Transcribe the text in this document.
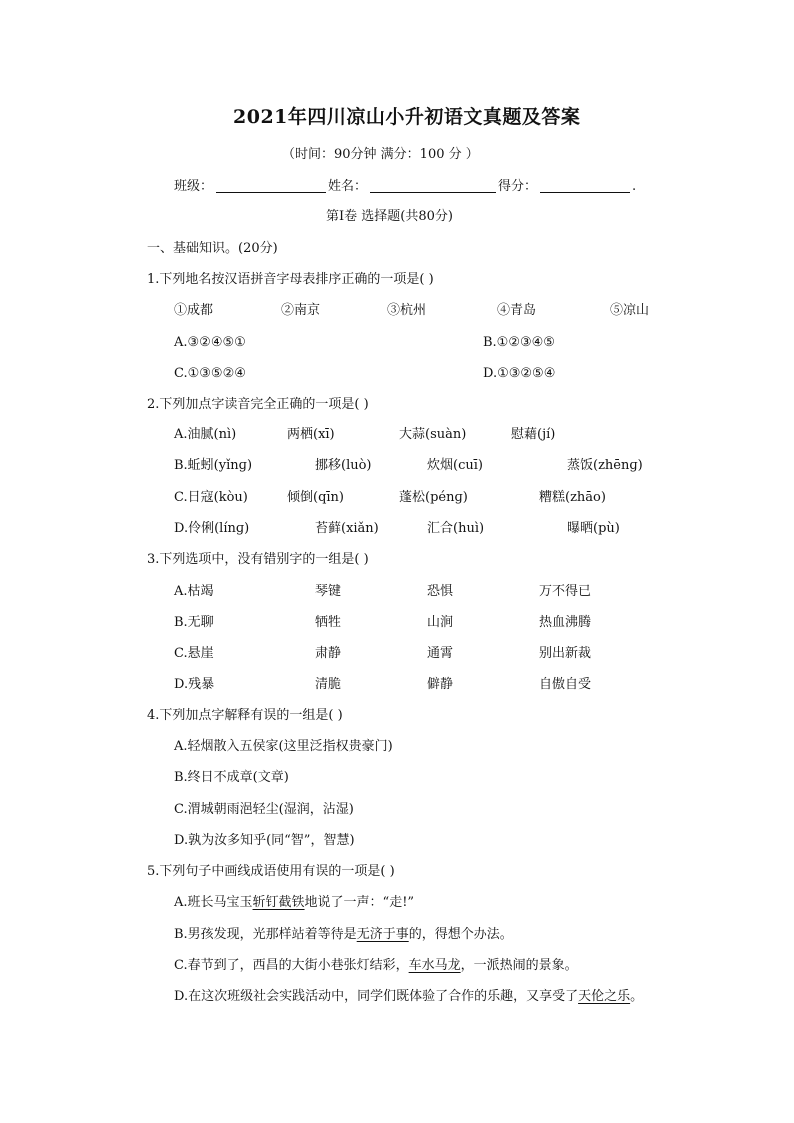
2021年四川凉山小升初语文真题及答案
（时间：90分钟 满分：100 分 ）
班级：	姓名：	得分：	.
第Ⅰ卷 选择题(共80分)
一、基础知识。(20分)
1.下列地名按汉语拼音字母表排序正确的一项是( )
①成都	②南京	③杭州	④青岛	⑤凉山
A.③②④⑤①	B.①②③④⑤
C.①③⑤②④	D.①③②⑤④
2.下列加点字读音完全正确的一项是( )
A.油腻(nì)	两栖(xī)	大蒜(suàn)	慰藉(jí)
B.蚯蚓(yǐnɡ)	挪移(luò)	炊烟(cuī)	蒸饭(zhēnɡ)
C.日寇(kòu)	倾倒(qīn)	蓬松(pénɡ)	糟糕(zhāo)
D.伶俐(línɡ)	苔藓(xiǎn)	汇合(huì)	曝晒(pù)
3.下列选项中，没有错别字的一组是( )
A.枯竭	琴键	恐惧	万不得已
B.无聊	牺牲	山涧	热血沸腾
C.悬崖	肃静	通霄	别出新裁
D.残暴	清脆	僻静	自傲自受
4.下列加点字解释有误的一组是( )
A.轻烟散入五侯家(这里泛指权贵豪门)
B.终日不成章(文章)
C.渭城朝雨浥轻尘(湿润，沾湿)
D.孰为汝多知乎(同“智”，智慧)
5.下列句子中画线成语使用有误的一项是( )
A.班长马宝玉斩钉截铁地说了一声：“走!”
B.男孩发现，光那样站着等待是无济于事的，得想个办法。
C.春节到了，西昌的大街小巷张灯结彩，车水马龙，一派热闹的景象。
D.在这次班级社会实践活动中，同学们既体验了合作的乐趣，又享受了天伦之乐。
